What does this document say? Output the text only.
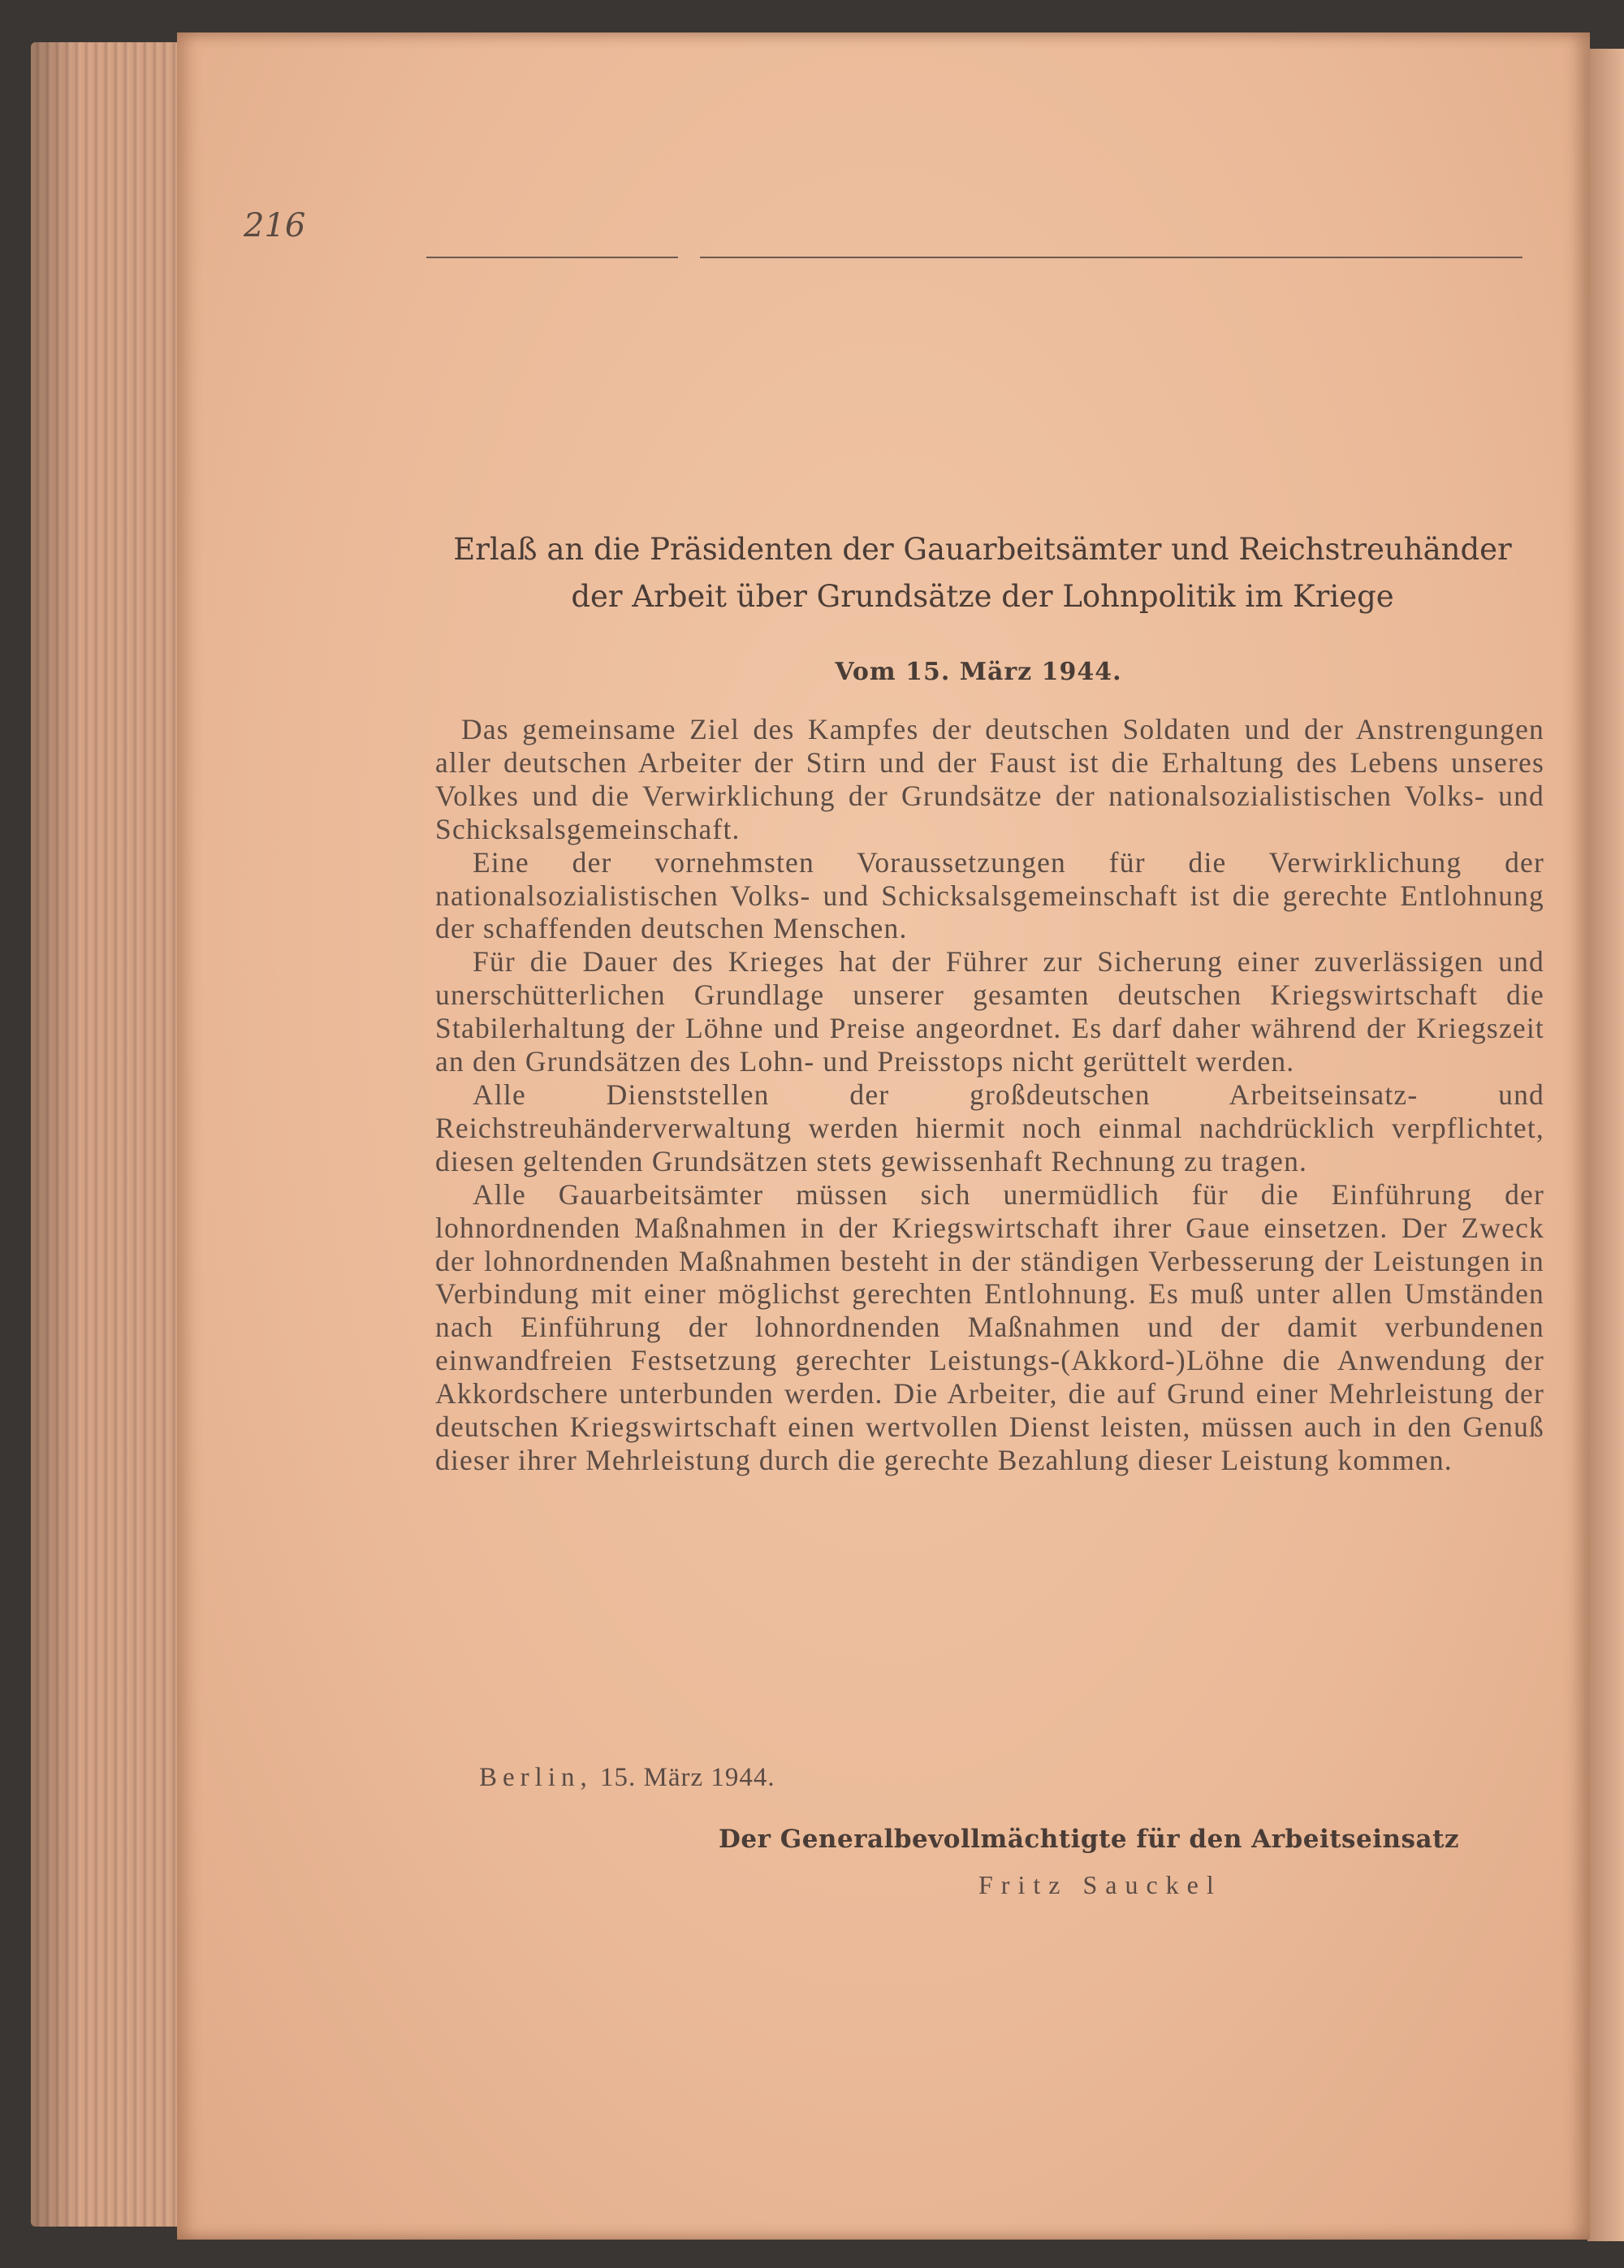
216
Erlaß an die Präsidenten der Gauarbeitsämter und Reichstreuhänder
der Arbeit über Grundsätze der Lohnpolitik im Kriege
Vom 15. März 1944.

Das gemeinsame Ziel des Kampfes der deutschen Soldaten und der Anstrengungen aller deutschen Arbeiter der Stirn und der Faust ist die Erhaltung des Lebens unseres Volkes und die Verwirklichung der Grundsätze der nationalsozialistischen Volks- und Schicksalsgemeinschaft.

Eine der vornehmsten Voraussetzungen für die Verwirklichung der nationalsozialistischen Volks- und Schicksalsgemeinschaft ist die gerechte Entlohnung der schaffenden deutschen Menschen.

Für die Dauer des Krieges hat der Führer zur Sicherung einer zuverlässigen und unerschütterlichen Grundlage unserer gesamten deutschen Kriegswirtschaft die Stabilerhaltung der Löhne und Preise angeordnet. Es darf daher während der Kriegszeit an den Grundsätzen des Lohn- und Preisstops nicht gerüttelt werden.

Alle Dienststellen der großdeutschen Arbeitseinsatz- und Reichstreuhänderverwaltung werden hiermit noch einmal nachdrücklich verpflichtet, diesen geltenden Grundsätzen stets gewissenhaft Rechnung zu tragen.

Alle Gauarbeitsämter müssen sich unermüdlich für die Einführung der lohnordnenden Maßnahmen in der Kriegswirtschaft ihrer Gaue einsetzen. Der Zweck der lohnordnenden Maßnahmen besteht in der ständigen Verbesserung der Leistungen in Verbindung mit einer möglichst gerechten Entlohnung. Es muß unter allen Umständen nach Einführung der lohnordnenden Maßnahmen und der damit verbundenen einwandfreien Festsetzung gerechter Leistungs-(Akkord-)Löhne die Anwendung der Akkordschere unterbunden werden. Die Arbeiter, die auf Grund einer Mehrleistung der deutschen Kriegswirtschaft einen wertvollen Dienst leisten, müssen auch in den Genuß dieser ihrer Mehrleistung durch die gerechte Bezahlung dieser Leistung kommen.

Berlin, 15. März 1944.
Der Generalbevollmächtigte für den Arbeitseinsatz
Fritz Sauckel
